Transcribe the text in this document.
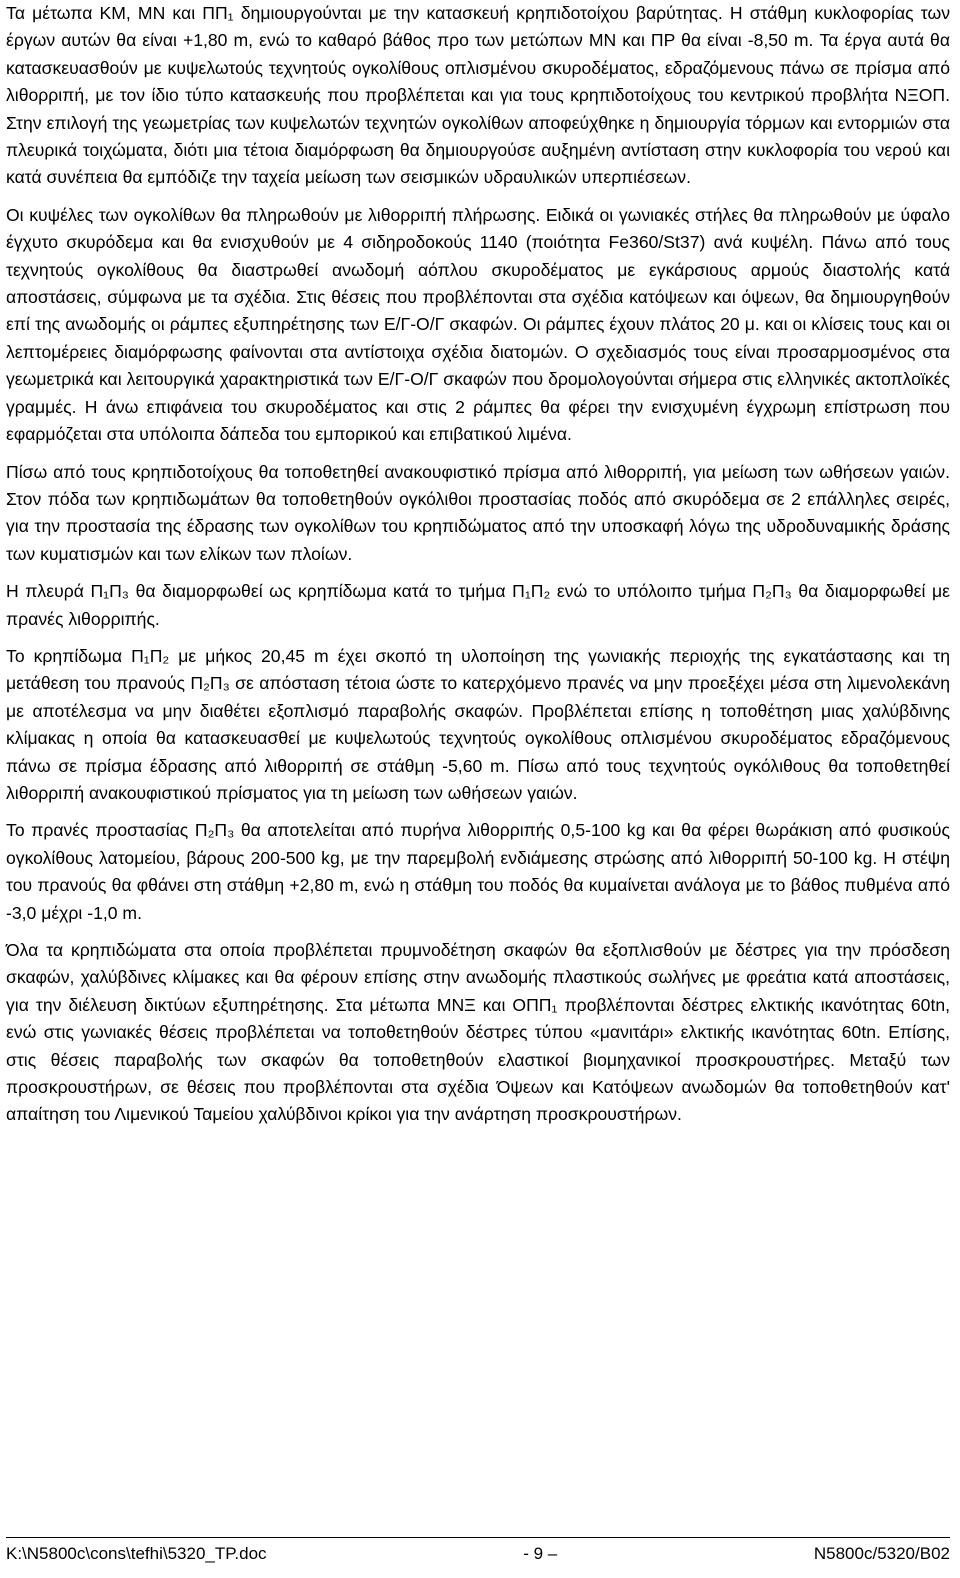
Τα μέτωπα ΚΜ, ΜΝ και ΠΠ₁ δημιουργούνται με την κατασκευή κρηπιδοτοίχου βαρύτητας. Η στάθμη κυκλοφορίας των έργων αυτών θα είναι +1,80 m, ενώ το καθαρό βάθος προ των μετώπων ΜΝ και ΠΡ θα είναι -8,50 m. Τα έργα αυτά θα κατασκευασθούν με κυψελωτούς τεχνητούς ογκολίθους οπλισμένου σκυροδέματος, εδραζόμενους πάνω σε πρίσμα από λιθορριπή, με τον ίδιο τύπο κατασκευής που προβλέπεται και για τους κρηπιδοτοίχους του κεντρικού προβλήτα ΝΞΟΠ. Στην επιλογή της γεωμετρίας των κυψελωτών τεχνητών ογκολίθων αποφεύχθηκε η δημιουργία τόρμων και εντορμιών στα πλευρικά τοιχώματα, διότι μια τέτοια διαμόρφωση θα δημιουργούσε αυξημένη αντίσταση στην κυκλοφορία του νερού και κατά συνέπεια θα εμπόδιζε την ταχεία μείωση των σεισμικών υδραυλικών υπερπιέσεων.

Οι κυψέλες των ογκολίθων θα πληρωθούν με λιθορριπή πλήρωσης. Ειδικά οι γωνιακές στήλες θα πληρωθούν με ύφαλο έγχυτο σκυρόδεμα και θα ενισχυθούν με 4 σιδηροδοκούς 1140 (ποιότητα Fe360/St37) ανά κυψέλη. Πάνω από τους τεχνητούς ογκολίθους θα διαστρωθεί ανωδομή αόπλου σκυροδέματος με εγκάρσιους αρμούς διαστολής κατά αποστάσεις, σύμφωνα με τα σχέδια. Στις θέσεις που προβλέπονται στα σχέδια κατόψεων και όψεων, θα δημιουργηθούν επί της ανωδομής οι ράμπες εξυπηρέτησης των Ε/Γ-Ο/Γ σκαφών. Οι ράμπες έχουν πλάτος 20 μ. και οι κλίσεις τους και οι λεπτομέρειες διαμόρφωσης φαίνονται στα αντίστοιχα σχέδια διατομών. Ο σχεδιασμός τους είναι προσαρμοσμένος στα γεωμετρικά και λειτουργικά χαρακτηριστικά των Ε/Γ-Ο/Γ σκαφών που δρομολογούνται σήμερα στις ελληνικές ακτοπλοϊκές γραμμές. Η άνω επιφάνεια του σκυροδέματος και στις 2 ράμπες θα φέρει την ενισχυμένη έγχρωμη επίστρωση που εφαρμόζεται στα υπόλοιπα δάπεδα του εμπορικού και επιβατικού λιμένα.

Πίσω από τους κρηπιδοτοίχους θα τοποθετηθεί ανακουφιστικό πρίσμα από λιθορριπή, για μείωση των ωθήσεων γαιών. Στον πόδα των κρηπιδωμάτων θα τοποθετηθούν ογκόλιθοι προστασίας ποδός από σκυρόδεμα σε 2 επάλληλες σειρές, για την προστασία της έδρασης των ογκολίθων του κρηπιδώματος από την υποσκαφή λόγω της υδροδυναμικής δράσης των κυματισμών και των ελίκων των πλοίων.

Η πλευρά Π₁Π₃ θα διαμορφωθεί ως κρηπίδωμα κατά το τμήμα Π₁Π₂ ενώ το υπόλοιπο τμήμα Π₂Π₃ θα διαμορφωθεί με πρανές λιθορριπής.

Το κρηπίδωμα Π₁Π₂ με μήκος 20,45 m έχει σκοπό τη υλοποίηση της γωνιακής περιοχής της εγκατάστασης και τη μετάθεση του πρανούς Π₂Π₃ σε απόσταση τέτοια ώστε το κατερχόμενο πρανές να μην προεξέχει μέσα στη λιμενολεκάνη με αποτέλεσμα να μην διαθέτει εξοπλισμό παραβολής σκαφών. Προβλέπεται επίσης η τοποθέτηση μιας χαλύβδινης κλίμακας η οποία θα κατασκευασθεί με κυψελωτούς τεχνητούς ογκολίθους οπλισμένου σκυροδέματος εδραζόμενους πάνω σε πρίσμα έδρασης από λιθορριπή σε στάθμη -5,60 m. Πίσω από τους τεχνητούς ογκόλιθους θα τοποθετηθεί λιθορριπή ανακουφιστικού πρίσματος για τη μείωση των ωθήσεων γαιών.

Το πρανές προστασίας Π₂Π₃ θα αποτελείται από πυρήνα λιθορριπής 0,5-100 kg και θα φέρει θωράκιση από φυσικούς ογκολίθους λατομείου, βάρους 200-500 kg, με την παρεμβολή ενδιάμεσης στρώσης από λιθορριπή 50-100 kg. Η στέψη του πρανούς θα φθάνει στη στάθμη +2,80 m, ενώ η στάθμη του ποδός θα κυμαίνεται ανάλογα με το βάθος πυθμένα από -3,0 μέχρι -1,0 m.

Όλα τα κρηπιδώματα στα οποία προβλέπεται πρυμνοδέτηση σκαφών θα εξοπλισθούν με δέστρες για την πρόσδεση σκαφών, χαλύβδινες κλίμακες και θα φέρουν επίσης στην ανωδομής πλαστικούς σωλήνες με φρεάτια κατά αποστάσεις, για την διέλευση δικτύων εξυπηρέτησης. Στα μέτωπα ΜΝΞ και ΟΠΠ₁ προβλέπονται δέστρες ελκτικής ικανότητας 60tn, ενώ στις γωνιακές θέσεις προβλέπεται να τοποθετηθούν δέστρες τύπου «μανιτάρι» ελκτικής ικανότητας 60tn. Επίσης, στις θέσεις παραβολής των σκαφών θα τοποθετηθούν ελαστικοί βιομηχανικοί προσκρουστήρες. Μεταξύ των προσκρουστήρων, σε θέσεις που προβλέπονται στα σχέδια Όψεων και Κατόψεων ανωδομών θα τοποθετηθούν κατ' απαίτηση του Λιμενικού Ταμείου χαλύβδινοι κρίκοι για την ανάρτηση προσκρουστήρων.

K:\N5800c\cons\tefhi\5320_TP.doc	- 9 –	N5800c/5320/B02
